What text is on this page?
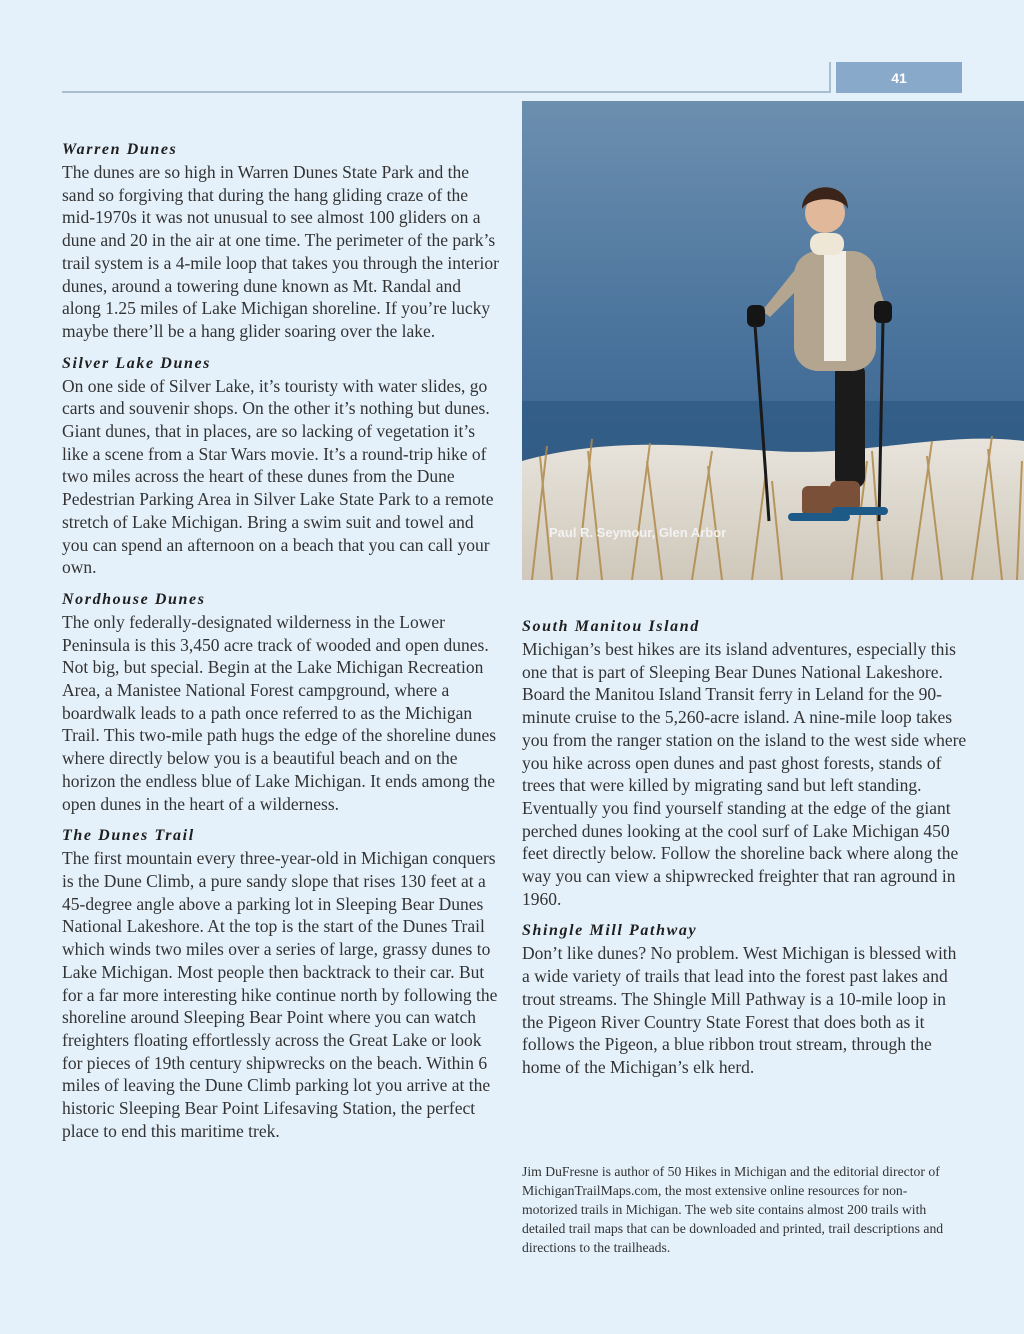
41
Warren Dunes

The dunes are so high in Warren Dunes State Park and the sand so forgiving that during the hang gliding craze of the mid-1970s it was not unusual to see almost 100 gliders on a dune and 20 in the air at one time. The perimeter of the park’s trail system is a 4-mile loop that takes you through the interior dunes, around a towering dune known as Mt. Randal and along 1.25 miles of Lake Michigan shoreline. If you’re lucky maybe there’ll be a hang glider soaring over the lake.

Silver Lake Dunes

On one side of Silver Lake, it’s touristy with water slides, go carts and souvenir shops. On the other it’s nothing but dunes. Giant dunes, that in places, are so lacking of vegetation it’s like a scene from a Star Wars movie. It’s a round-trip hike of two miles across the heart of these dunes from the Dune Pedestrian Parking Area in Silver Lake State Park to a remote stretch of Lake Michigan. Bring a swim suit and towel and you can spend an afternoon on a beach that you can call your own.

Nordhouse Dunes

The only federally-designated wilderness in the Lower Peninsula is this 3,450 acre track of wooded and open dunes. Not big, but special. Begin at the Lake Michigan Recreation Area, a Manistee National Forest campground, where a boardwalk leads to a path once referred to as the Michigan Trail. This two-mile path hugs the edge of the shoreline dunes where directly below you is a beautiful beach and on the horizon the endless blue of Lake Michigan. It ends among the open dunes in the heart of a wilderness.

The Dunes Trail

The first mountain every three-year-old in Michigan conquers is the Dune Climb, a pure sandy slope that rises 130 feet at a 45-degree angle above a parking lot in Sleeping Bear Dunes National Lakeshore. At the top is the start of the Dunes Trail which winds two miles over a series of large, grassy dunes to Lake Michigan. Most people then backtrack to their car. But for a far more interesting hike continue north by following the shoreline around Sleeping Bear Point where you can watch freighters floating effortlessly across the Great Lake or look for pieces of 19th century shipwrecks on the beach. Within 6 miles of leaving the Dune Climb parking lot you arrive at the historic Sleeping Bear Point Lifesaving Station, the perfect place to end this maritime trek.

Paul R. Seymour, Glen Arbor
South Manitou Island

Michigan’s best hikes are its island adventures, especially this one that is part of Sleeping Bear Dunes National Lakeshore. Board the Manitou Island Transit ferry in Leland for the 90-minute cruise to the 5,260-acre island. A nine-mile loop takes you from the ranger station on the island to the west side where you hike across open dunes and past ghost forests, stands of trees that were killed by migrating sand but left standing. Eventually you find yourself standing at the edge of the giant perched dunes looking at the cool surf of Lake Michigan 450 feet directly below. Follow the shoreline back where along the way you can view a shipwrecked freighter that ran aground in 1960.

Shingle Mill Pathway

Don’t like dunes? No problem. West Michigan is blessed with a wide variety of trails that lead into the forest past lakes and trout streams. The Shingle Mill Pathway is a 10-mile loop in the Pigeon River Country State Forest that does both as it follows the Pigeon, a blue ribbon trout stream, through the home of the Michigan’s elk herd.

Jim DuFresne is author of 50 Hikes in Michigan and the editorial director of MichiganTrailMaps.com, the most extensive online resources for non-motorized trails in Michigan. The web site contains almost 200 trails with detailed trail maps that can be downloaded and printed, trail descriptions and directions to the trailheads.
